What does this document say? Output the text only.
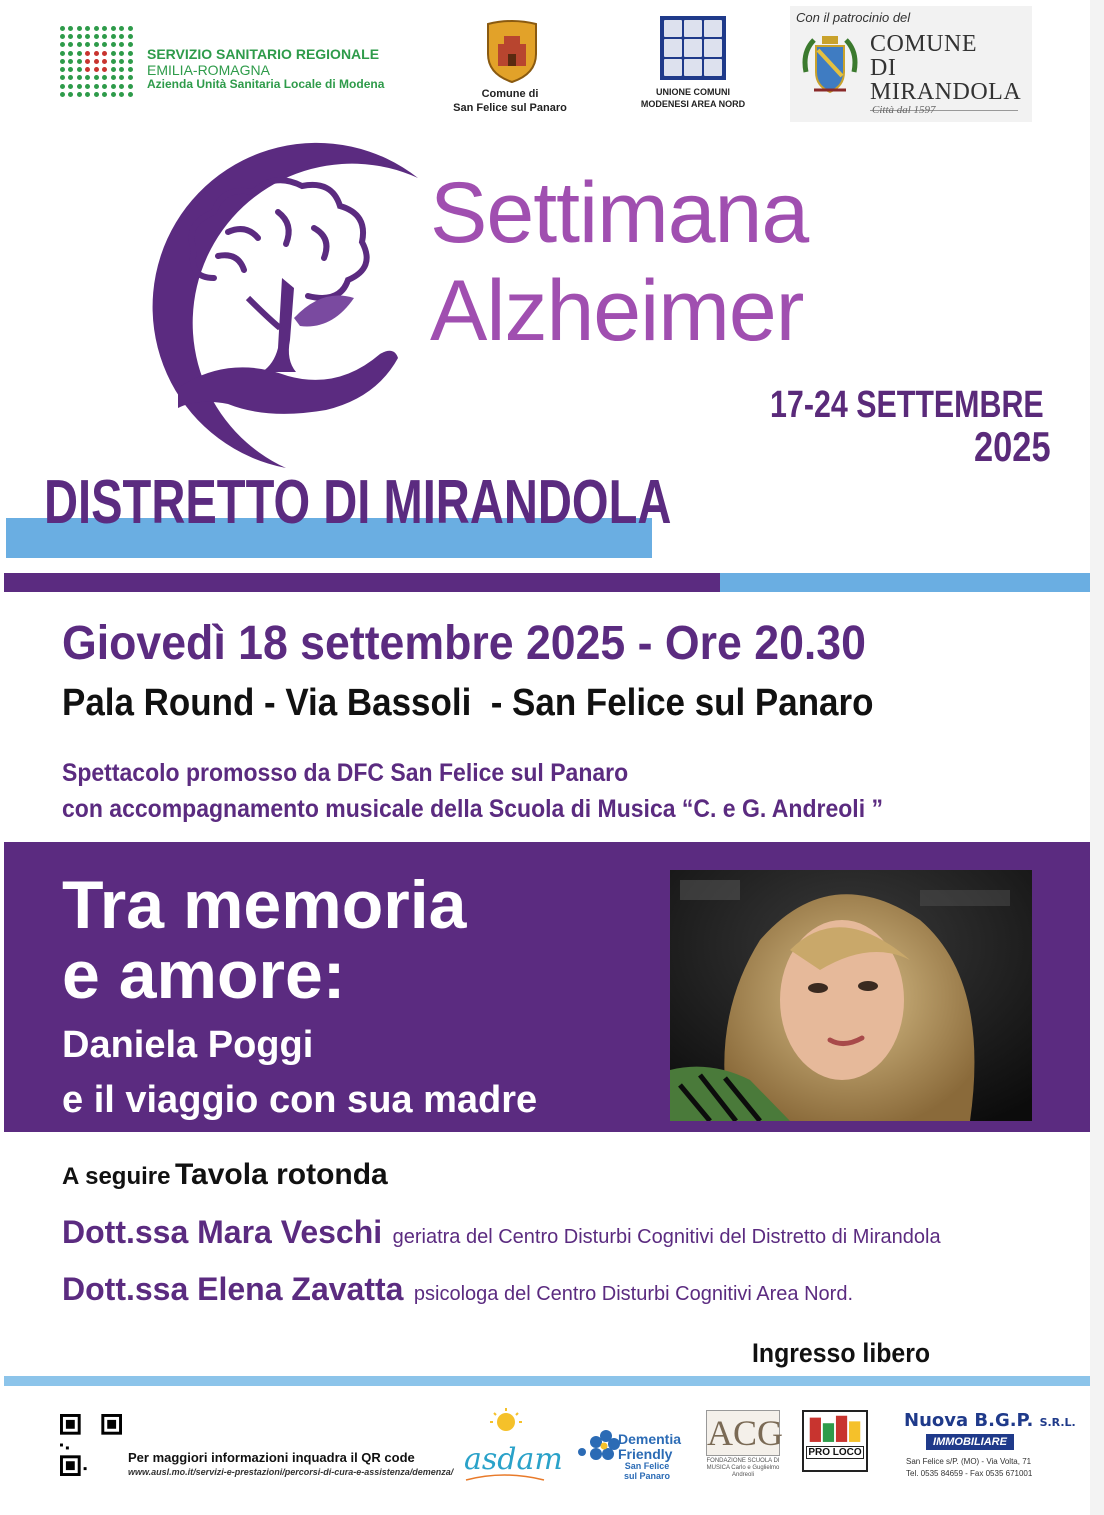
SERVIZIO SANITARIO REGIONALE
EMILIA-ROMAGNA
Azienda Unità Sanitaria Locale di Modena
Comune di
San Felice sul Panaro
UNIONE COMUNI
MODENESI AREA NORD
Con il patrocinio del
COMUNE
DI
MIRANDOLA
Città dal 1597
Settimana
Alzheimer
17-24 SETTEMBRE
2025
DISTRETTO DI MIRANDOLA
Giovedì 18 settembre 2025 - Ore 20.30
Pala Round - Via Bassoli  - San Felice sul Panaro
Spettacolo promosso da DFC San Felice sul Panaro
con accompagnamento musicale della Scuola di Musica “C. e G. Andreoli ”
Tra memoria
e amore:
Daniela Poggi
e il viaggio con sua madre
A seguire Tavola rotonda
Dott.ssa Mara Veschi geriatra del Centro Disturbi Cognitivi del Distretto di Mirandola
Dott.ssa Elena Zavatta psicologa del Centro Disturbi Cognitivi Area Nord.
Ingresso libero
Per maggiori informazioni inquadra il QR code
www.ausl.mo.it/servizi-e-prestazioni/percorsi-di-cura-e-assistenza/demenza/ asdam
Dementia
Friendly
San Felice
sul Panaro
ACG
FONDAZIONE SCUOLA DI MUSICA Carlo e Guglielmo Andreoli
PRO LOCO
Nuova B.G.P. S.R.L.
IMMOBILIARE
San Felice s/P. (MO) - Via Volta, 71
Tel. 0535 84659 - Fax 0535 671001
